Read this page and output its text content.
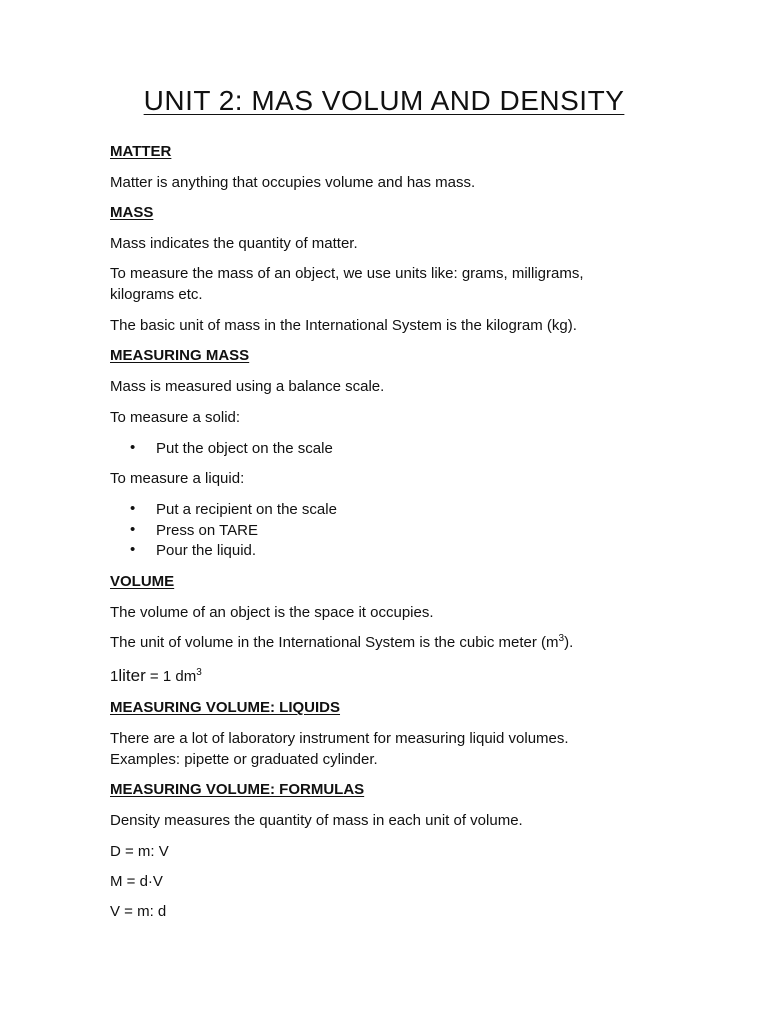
UNIT 2: MAS VOLUM AND DENSITY
MATTER
Matter is anything that occupies volume and has mass.
MASS
Mass indicates the quantity of matter.
To measure the mass of an object, we use units like: grams, milligrams,
kilograms etc.
The basic unit of mass in the International System is the kilogram (kg).
MEASURING MASS
Mass is measured using a balance scale.
To measure a solid:
• Put the object on the scale
To measure a liquid:
• Put a recipient on the scale
• Press on TARE
• Pour the liquid.
VOLUME
The volume of an object is the space it occupies.
The unit of volume in the International System is the cubic meter $(m^3)$.
1liter = 1 $dm^3$
MEASURING VOLUME: LIQUIDS
There are a lot of laboratory instrument for measuring liquid volumes.
Examples: pipette or graduated cylinder.
MEASURING VOLUME: FORMULAS
Density measures the quantity of mass in each unit of volume.
D = m: V
M = d·V
V = m: d
